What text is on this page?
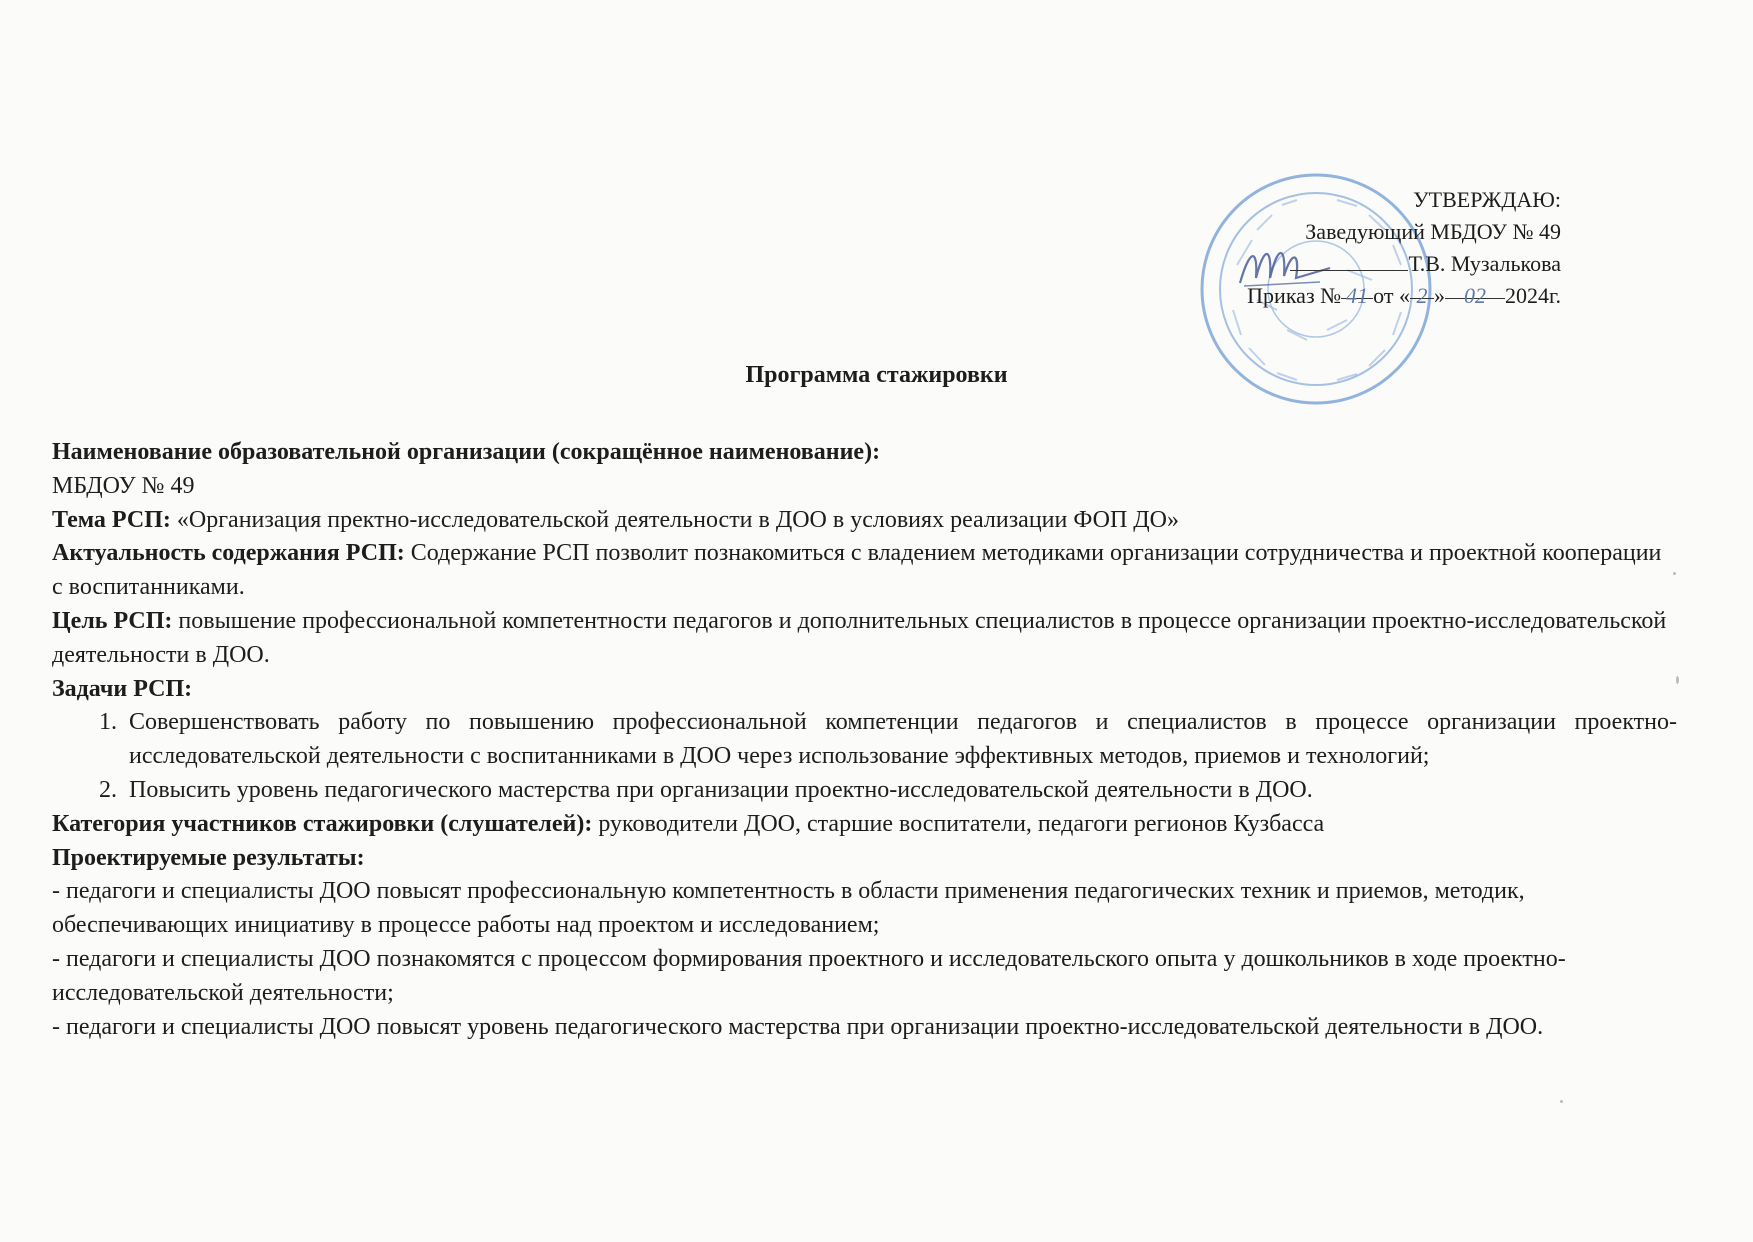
УТВЕРЖДАЮ:
Заведующий МБДОУ № 49
Т.В. Музалькова
Приказ № 41 от « 2 » 02 2024г.
Программа стажировки

Наименование образовательной организации (сокращённое наименование):

МБДОУ № 49

Тема РСП: «Организация пректно-исследовательской деятельности в ДОО в условиях реализации ФОП ДО»

Актуальность содержания РСП: Содержание РСП позволит познакомиться с владением методиками организации сотрудничества и проектной кооперации с воспитанниками.

Цель РСП: повышение профессиональной компетентности педагогов и дополнительных специалистов в процессе организации проектно-исследовательской деятельности в ДОО.

Задачи РСП:

1. Совершенствовать работу по повышению профессиональной компетенции педагогов и специалистов в процессе организации проектно-исследовательской деятельности с воспитанниками в ДОО через использование эффективных методов, приемов и технологий;
2. Повысить уровень педагогического мастерства при организации проектно-исследовательской деятельности в ДОО.

Категория участников стажировки (слушателей): руководители ДОО, старшие воспитатели, педагоги регионов Кузбасса

Проектируемые результаты:

- педагоги и специалисты ДОО повысят профессиональную компетентность в области применения педагогических техник и приемов, методик, обеспечивающих инициативу в процессе работы над проектом и исследованием;

- педагоги и специалисты ДОО познакомятся с процессом формирования проектного и исследовательского опыта у дошкольников в ходе проектно-исследовательской деятельности;

- педагоги и специалисты ДОО повысят уровень педагогического мастерства при организации проектно-исследовательской деятельности в ДОО.
